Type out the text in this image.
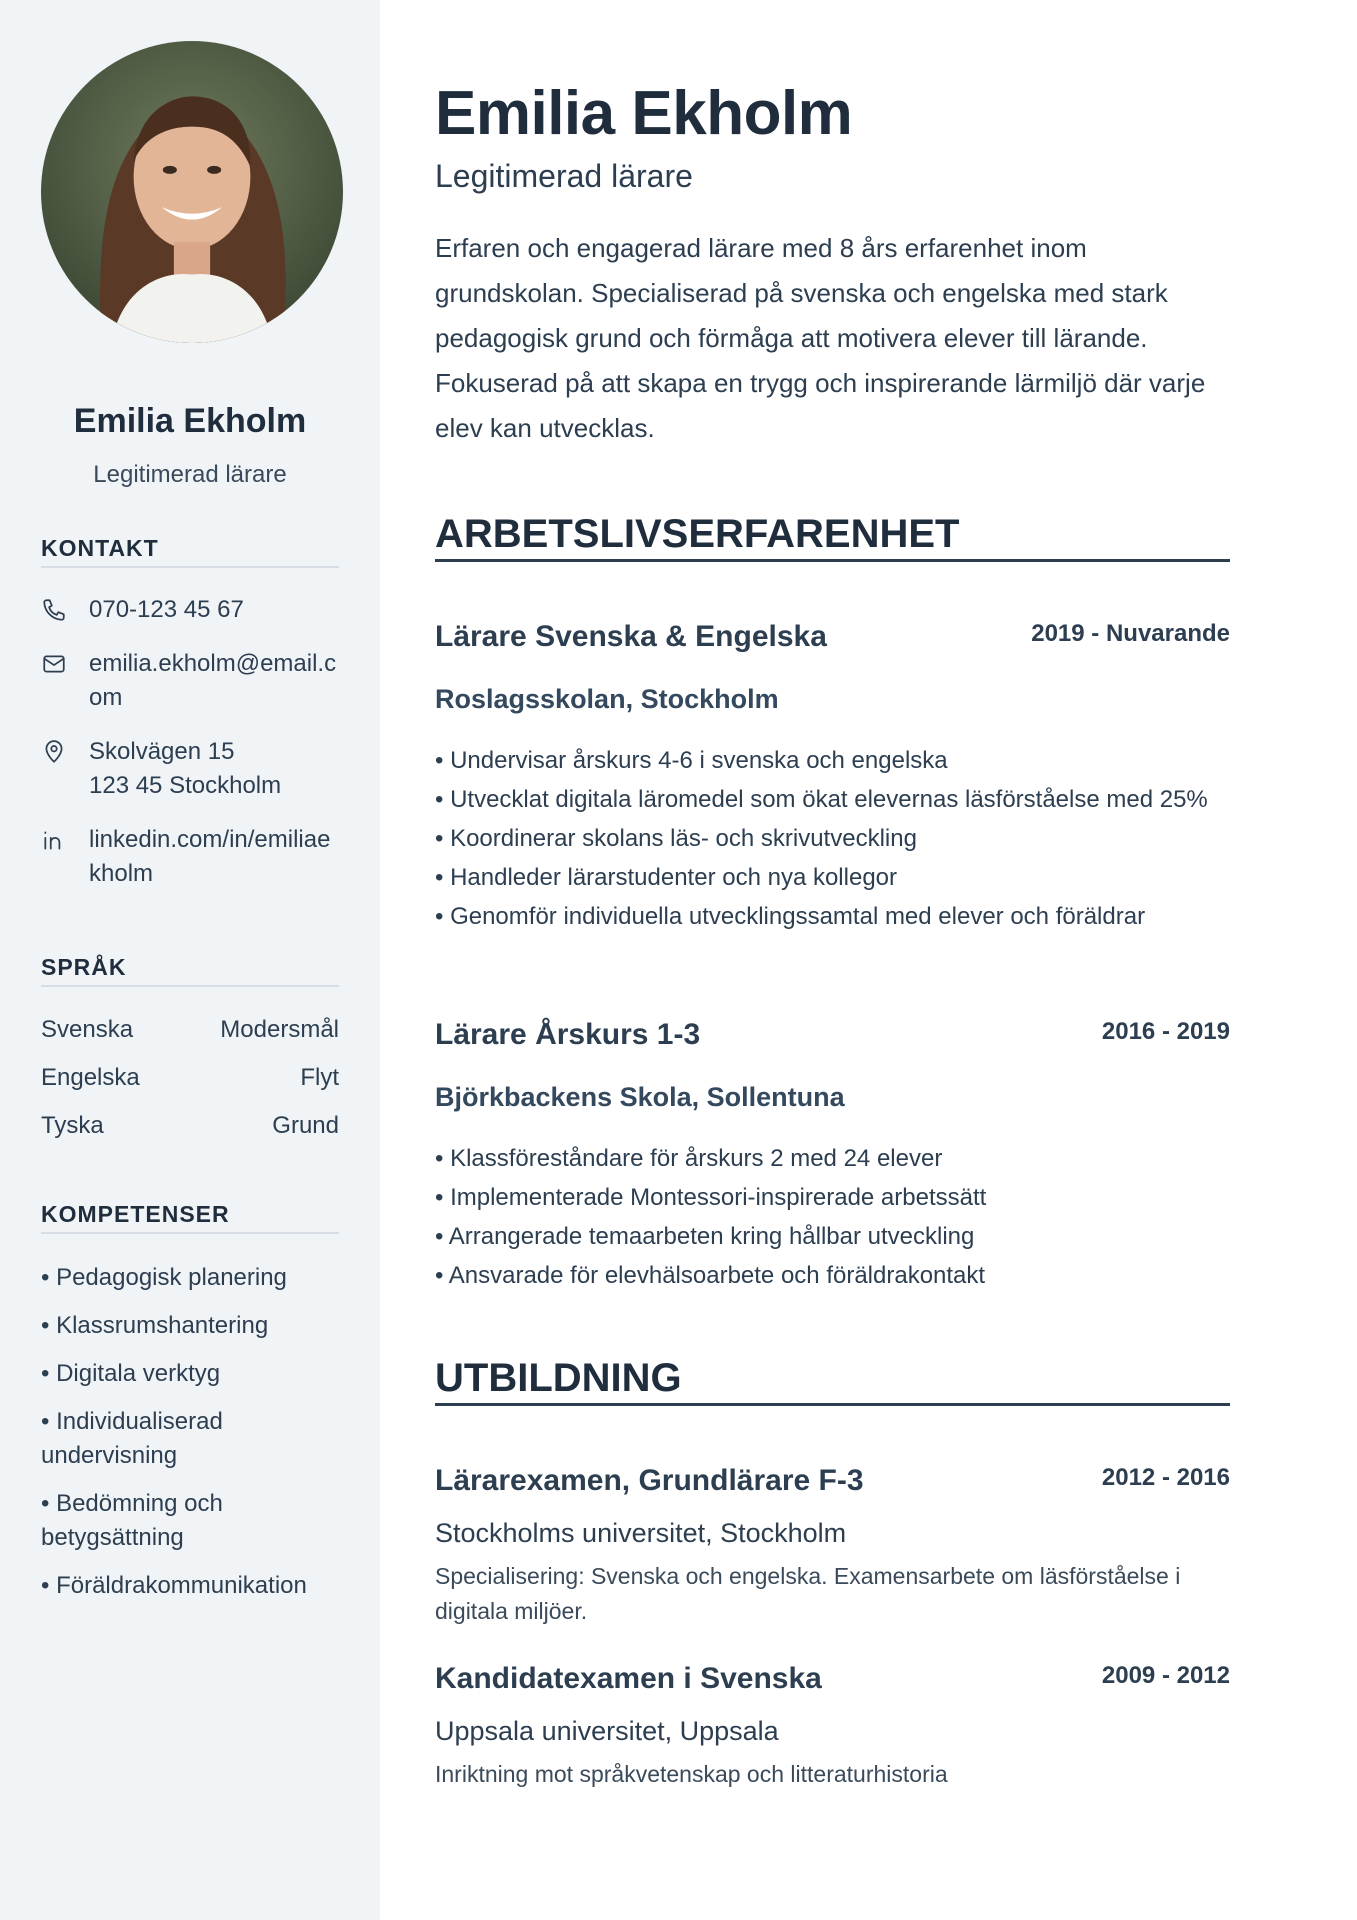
Emilia Ekholm
Legitimerad lärare
KONTAKT
070-123 45 67
emilia.ekholm@email.com
Skolvägen 15
123 45 Stockholm
linkedin.com/in/emiliaekholm
SPRÅK
Svenska	Modersmål
Engelska	Flyt
Tyska	Grund
KOMPETENSER
• Pedagogisk planering
• Klassrumshantering
• Digitala verktyg
• Individualiserad undervisning
• Bedömning och betygsättning
• Föräldrakommunikation
Emilia Ekholm
Legitimerad lärare
Erfaren och engagerad lärare med 8 års erfarenhet inom grundskolan. Specialiserad på svenska och engelska med stark pedagogisk grund och förmåga att motivera elever till lärande. Fokuserad på att skapa en trygg och inspirerande lärmiljö där varje elev kan utvecklas.
ARBETSLIVSERFARENHET
Lärare Svenska & Engelska	2019 - Nuvarande
Roslagsskolan, Stockholm
• Undervisar årskurs 4-6 i svenska och engelska
• Utvecklat digitala läromedel som ökat elevernas läsförståelse med 25%
• Koordinerar skolans läs- och skrivutveckling
• Handleder lärarstudenter och nya kollegor
• Genomför individuella utvecklingssamtal med elever och föräldrar
Lärare Årskurs 1-3	2016 - 2019
Björkbackens Skola, Sollentuna
• Klassföreståndare för årskurs 2 med 24 elever
• Implementerade Montessori-inspirerade arbetssätt
• Arrangerade temaarbeten kring hållbar utveckling
• Ansvarade för elevhälsoarbete och föräldrakontakt
UTBILDNING
Lärarexamen, Grundlärare F-3	2012 - 2016
Stockholms universitet, Stockholm
Specialisering: Svenska och engelska. Examensarbete om läsförståelse i digitala miljöer.
Kandidatexamen i Svenska	2009 - 2012
Uppsala universitet, Uppsala
Inriktning mot språkvetenskap och litteraturhistoria
